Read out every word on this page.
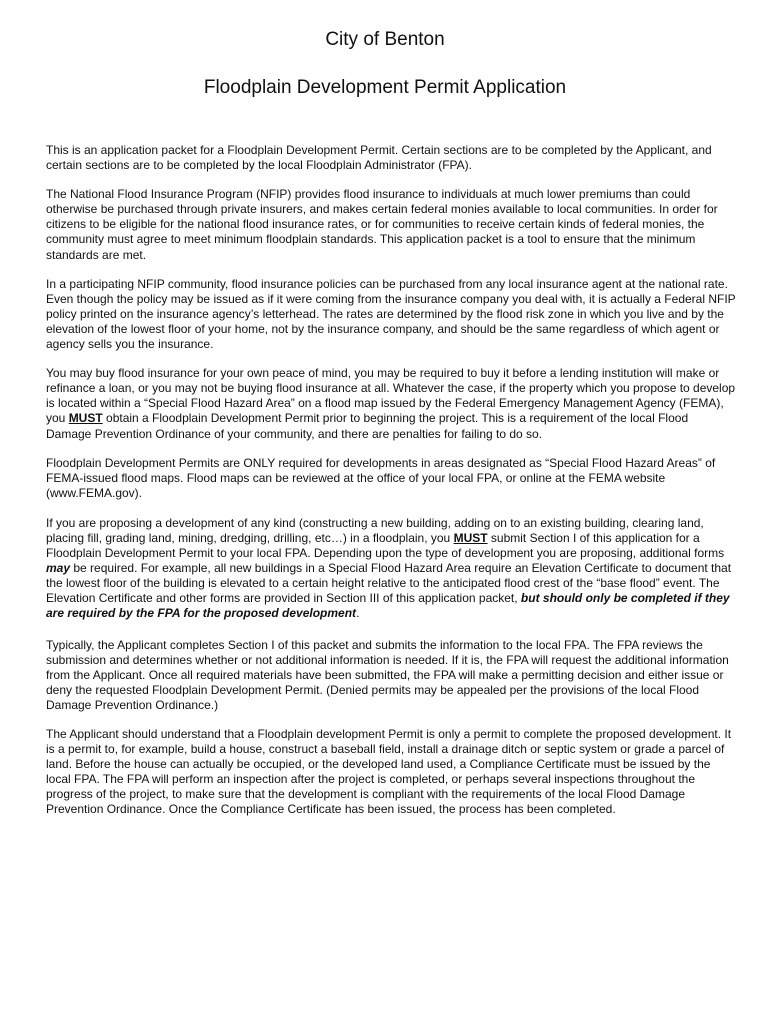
City of Benton
Floodplain Development Permit Application

This is an application packet for a Floodplain Development Permit. Certain sections are to be completed by the Applicant, and certain sections are to be completed by the local Floodplain Administrator (FPA).

The National Flood Insurance Program (NFIP) provides flood insurance to individuals at much lower premiums than could otherwise be purchased through private insurers, and makes certain federal monies available to local communities. In order for citizens to be eligible for the national flood insurance rates, or for communities to receive certain kinds of federal monies, the community must agree to meet minimum floodplain standards. This application packet is a tool to ensure that the minimum standards are met.

In a participating NFIP community, flood insurance policies can be purchased from any local insurance agent at the national rate. Even though the policy may be issued as if it were coming from the insurance company you deal with, it is actually a Federal NFIP policy printed on the insurance agency’s letterhead. The rates are determined by the flood risk zone in which you live and by the elevation of the lowest floor of your home, not by the insurance company, and should be the same regardless of which agent or agency sells you the insurance.

You may buy flood insurance for your own peace of mind, you may be required to buy it before a lending institution will make or refinance a loan, or you may not be buying flood insurance at all. Whatever the case, if the property which you propose to develop is located within a “Special Flood Hazard Area” on a flood map issued by the Federal Emergency Management Agency (FEMA), you MUST obtain a Floodplain Development Permit prior to beginning the project. This is a requirement of the local Flood Damage Prevention Ordinance of your community, and there are penalties for failing to do so.

Floodplain Development Permits are ONLY required for developments in areas designated as “Special Flood Hazard Areas” of FEMA-issued flood maps. Flood maps can be reviewed at the office of your local FPA, or online at the FEMA website (www.FEMA.gov).

If you are proposing a development of any kind (constructing a new building, adding on to an existing building, clearing land, placing fill, grading land, mining, dredging, drilling, etc…) in a floodplain, you MUST submit Section I of this application for a Floodplain Development Permit to your local FPA. Depending upon the type of development you are proposing, additional forms may be required. For example, all new buildings in a Special Flood Hazard Area require an Elevation Certificate to document that the lowest floor of the building is elevated to a certain height relative to the anticipated flood crest of the “base flood” event. The Elevation Certificate and other forms are provided in Section III of this application packet, but should only be completed if they are required by the FPA for the proposed development.

Typically, the Applicant completes Section I of this packet and submits the information to the local FPA. The FPA reviews the submission and determines whether or not additional information is needed. If it is, the FPA will request the additional information from the Applicant. Once all required materials have been submitted, the FPA will make a permitting decision and either issue or deny the requested Floodplain Development Permit. (Denied permits may be appealed per the provisions of the local Flood Damage Prevention Ordinance.)

The Applicant should understand that a Floodplain development Permit is only a permit to complete the proposed development. It is a permit to, for example, build a house, construct a baseball field, install a drainage ditch or septic system or grade a parcel of land. Before the house can actually be occupied, or the developed land used, a Compliance Certificate must be issued by the local FPA. The FPA will perform an inspection after the project is completed, or perhaps several inspections throughout the progress of the project, to make sure that the development is compliant with the requirements of the local Flood Damage Prevention Ordinance. Once the Compliance Certificate has been issued, the process has been completed.
